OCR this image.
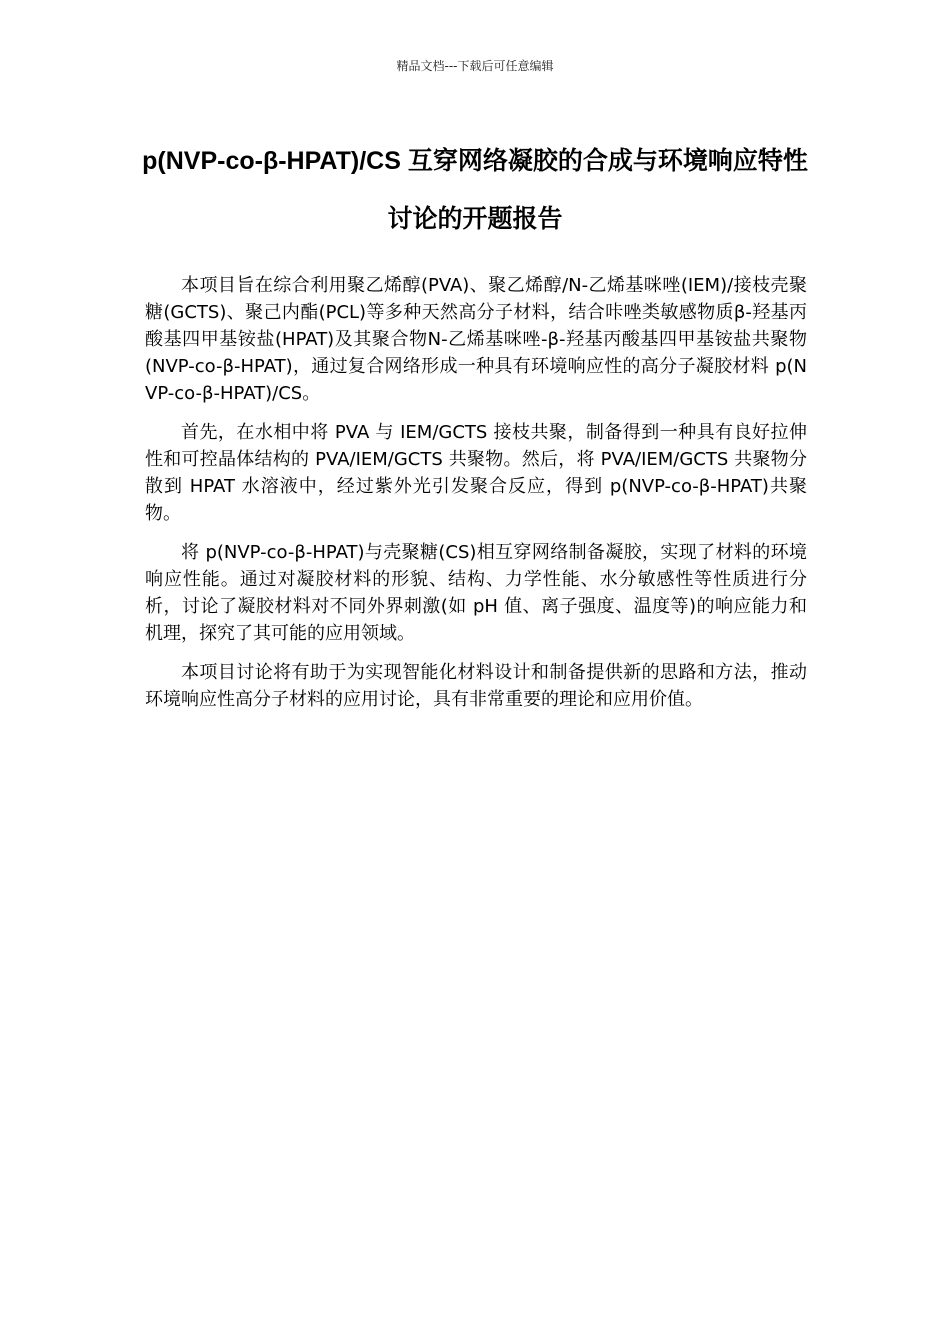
精品文档---下载后可任意编辑
p(NVP-co-β-HPAT)/CS 互穿网络凝胶的合成与环境响应特性讨论的开题报告

本项目旨在综合利用聚乙烯醇(PVA)、聚乙烯醇/N-乙烯基咪唑(IEM)/接枝壳聚糖(GCTS)、聚己内酯(PCL)等多种天然高分子材料，结合咔唑类敏感物质β-羟基丙酸基四甲基铵盐(HPAT)及其聚合物N-乙烯基咪唑-β-羟基丙酸基四甲基铵盐共聚物(NVP-co-β-HPAT)，通过复合网络形成一种具有环境响应性的高分子凝胶材料 p(NVP-co-β-HPAT)/CS。

首先，在水相中将 PVA 与 IEM/GCTS 接枝共聚，制备得到一种具有良好拉伸性和可控晶体结构的 PVA/IEM/GCTS 共聚物。然后，将 PVA/IEM/GCTS 共聚物分散到 HPAT 水溶液中，经过紫外光引发聚合反应，得到 p(NVP-co-β-HPAT)共聚物。

将 p(NVP-co-β-HPAT)与壳聚糖(CS)相互穿网络制备凝胶，实现了材料的环境响应性能。通过对凝胶材料的形貌、结构、力学性能、水分敏感性等性质进行分析，讨论了凝胶材料对不同外界刺激(如 pH 值、离子强度、温度等)的响应能力和机理，探究了其可能的应用领域。

本项目讨论将有助于为实现智能化材料设计和制备提供新的思路和方法，推动环境响应性高分子材料的应用讨论，具有非常重要的理论和应用价值。
